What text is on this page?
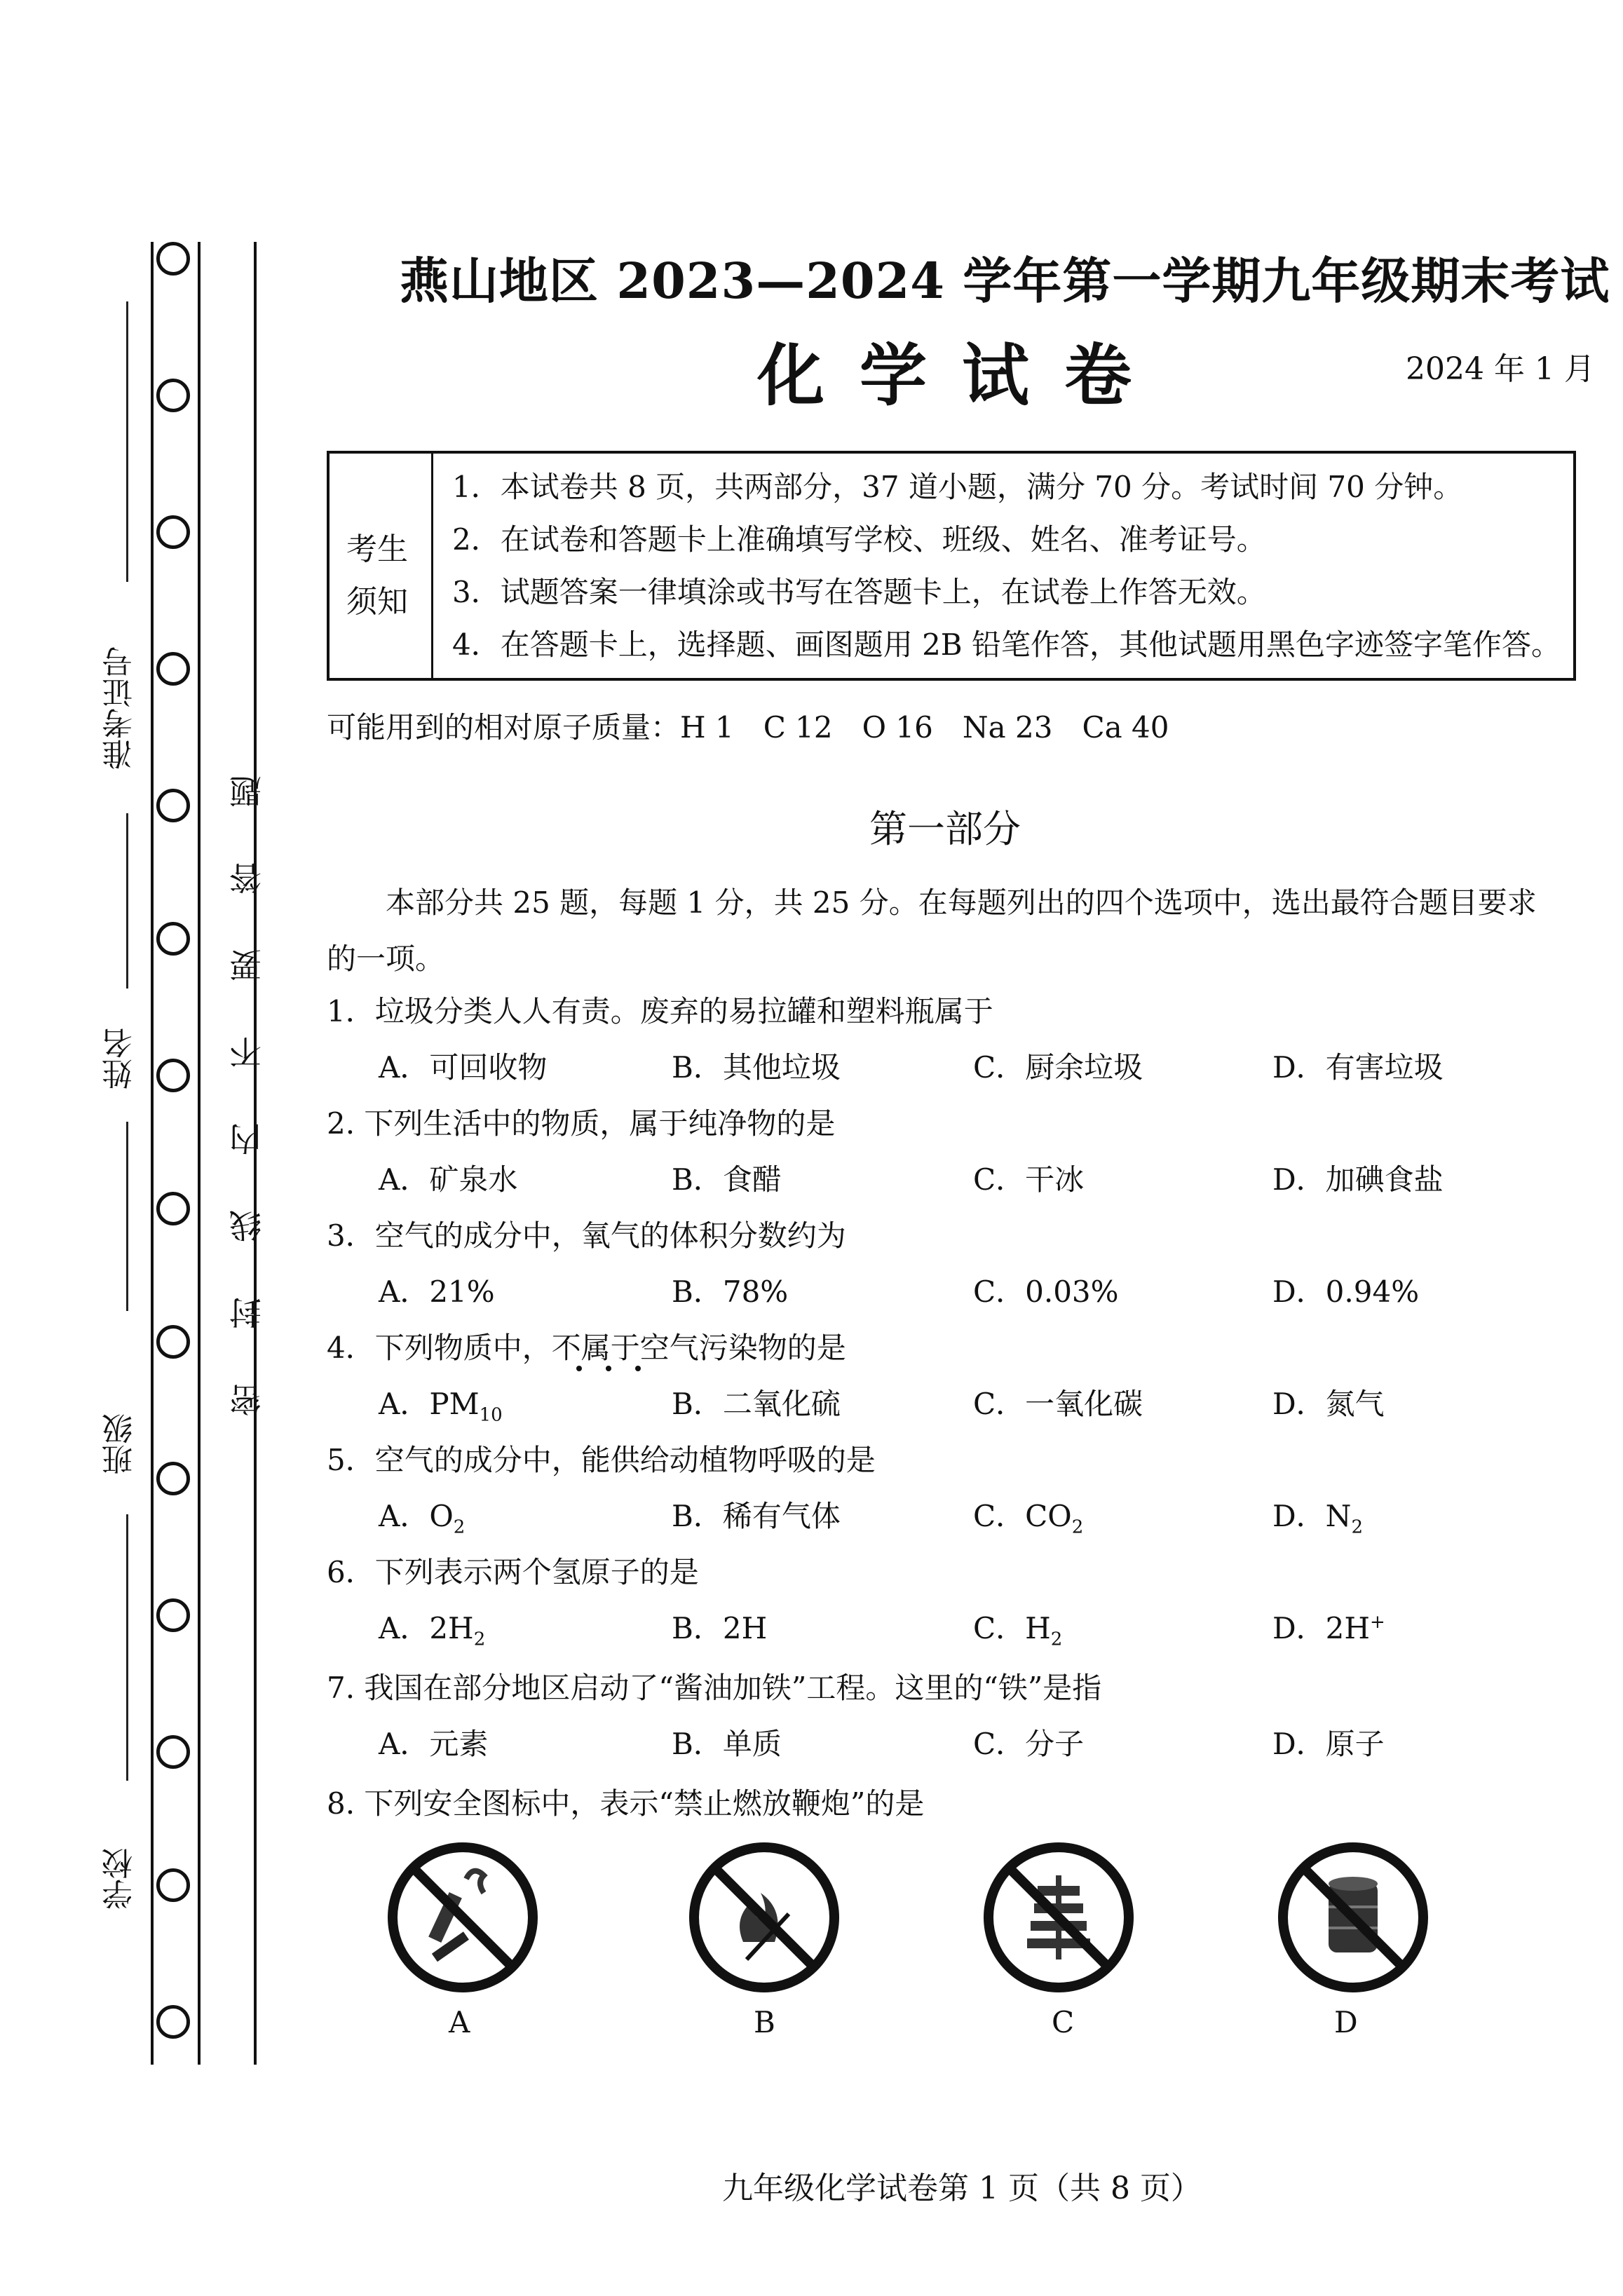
准考证号
姓名
班级
学校
密封线内不要答题
燕山地区 2023—2024 学年第一学期九年级期末考试
化学试卷	2024 年 1 月
考生
须知
1．本试卷共 8 页，共两部分，37 道小题，满分 70 分。考试时间 70 分钟。
2．在试卷和答题卡上准确填写学校、班级、姓名、准考证号。
3．试题答案一律填涂或书写在答题卡上，在试卷上作答无效。
4．在答题卡上，选择题、画图题用 2B 铅笔作答，其他试题用黑色字迹签字笔作答。
可能用到的相对原子质量：H 1　C 12　O 16　Na 23　Ca 40
第一部分
本部分共 25 题，每题 1 分，共 25 分。在每题列出的四个选项中，选出最符合题目要求
的一项。
1．垃圾分类人人有责。废弃的易拉罐和塑料瓶属于
A．可回收物	B．其他垃圾	C．厨余垃圾	D．有害垃圾
2. 下列生活中的物质，属于纯净物的是
A．矿泉水	B．食醋	C．干冰	D．加碘食盐
3．空气的成分中，氧气的体积分数约为
A．21%	B．78%	C．0.03%	D．0.94%
4．下列物质中，不属于空气污染物的是
A．$PM_{10}$	B．二氧化硫	C．一氧化碳	D．氮气
5．空气的成分中，能供给动植物呼吸的是
A．$O_2$	B．稀有气体	C．$CO_2$	D．$N_2$
6．下列表示两个氢原子的是
A．$2H_2$	B．2H	C．$H_2$	D．2H+
7. 我国在部分地区启动了“酱油加铁”工程。这里的“铁”是指
A．元素	B．单质	C．分子	D．原子
8. 下列安全图标中，表示“禁止燃放鞭炮”的是
A	B	C	D
九年级化学试卷第 1 页（共 8 页）
